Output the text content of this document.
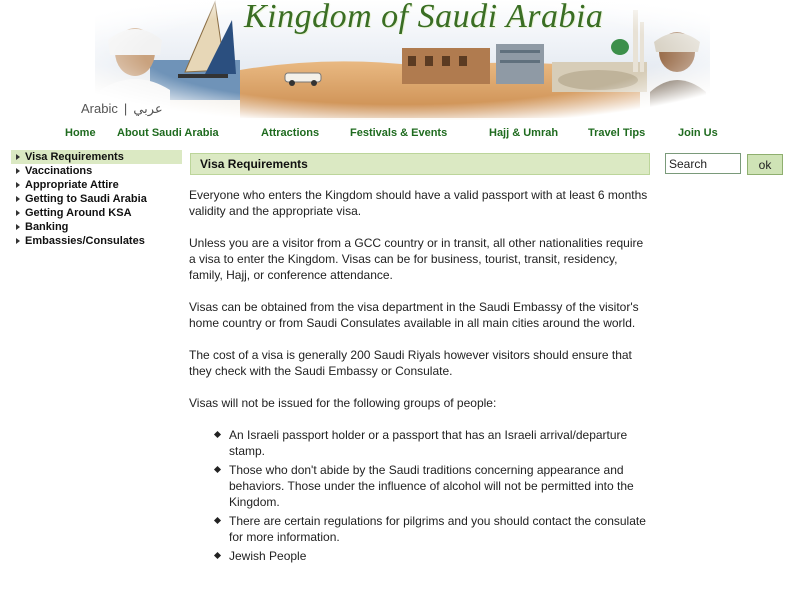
Kingdom of Saudi Arabia
Arabic | عربي
Home About Saudi Arabia	Attractions	Festivals & Events	Hajj & Umrah	Travel Tips	Join Us
Visa Requirements
Vaccinations
Appropriate Attire
Getting to Saudi Arabia
Getting Around KSA
Banking
Embassies/Consulates
Visa Requirements

Everyone who enters the Kingdom should have a valid passport with at least 6 months validity and the appropriate visa.

Unless you are a visitor from a GCC country or in transit, all other nationalities require a visa to enter the Kingdom. Visas can be for business, tourist, transit, residency, family, Hajj, or conference attendance.

Visas can be obtained from the visa department in the Saudi Embassy of the visitor's home country or from Saudi Consulates available in all main cities around the world.

The cost of a visa is generally 200 Saudi Riyals however visitors should ensure that they check with the Saudi Embassy or Consulate.

Visas will not be issued for the following groups of people:

An Israeli passport holder or a passport that has an Israeli arrival/departure stamp.
Those who don't abide by the Saudi traditions concerning appearance and behaviors. Those under the influence of alcohol will not be permitted into the Kingdom.
There are certain regulations for pilgrims and you should contact the consulate for more information.
Jewish People
Search
ok
